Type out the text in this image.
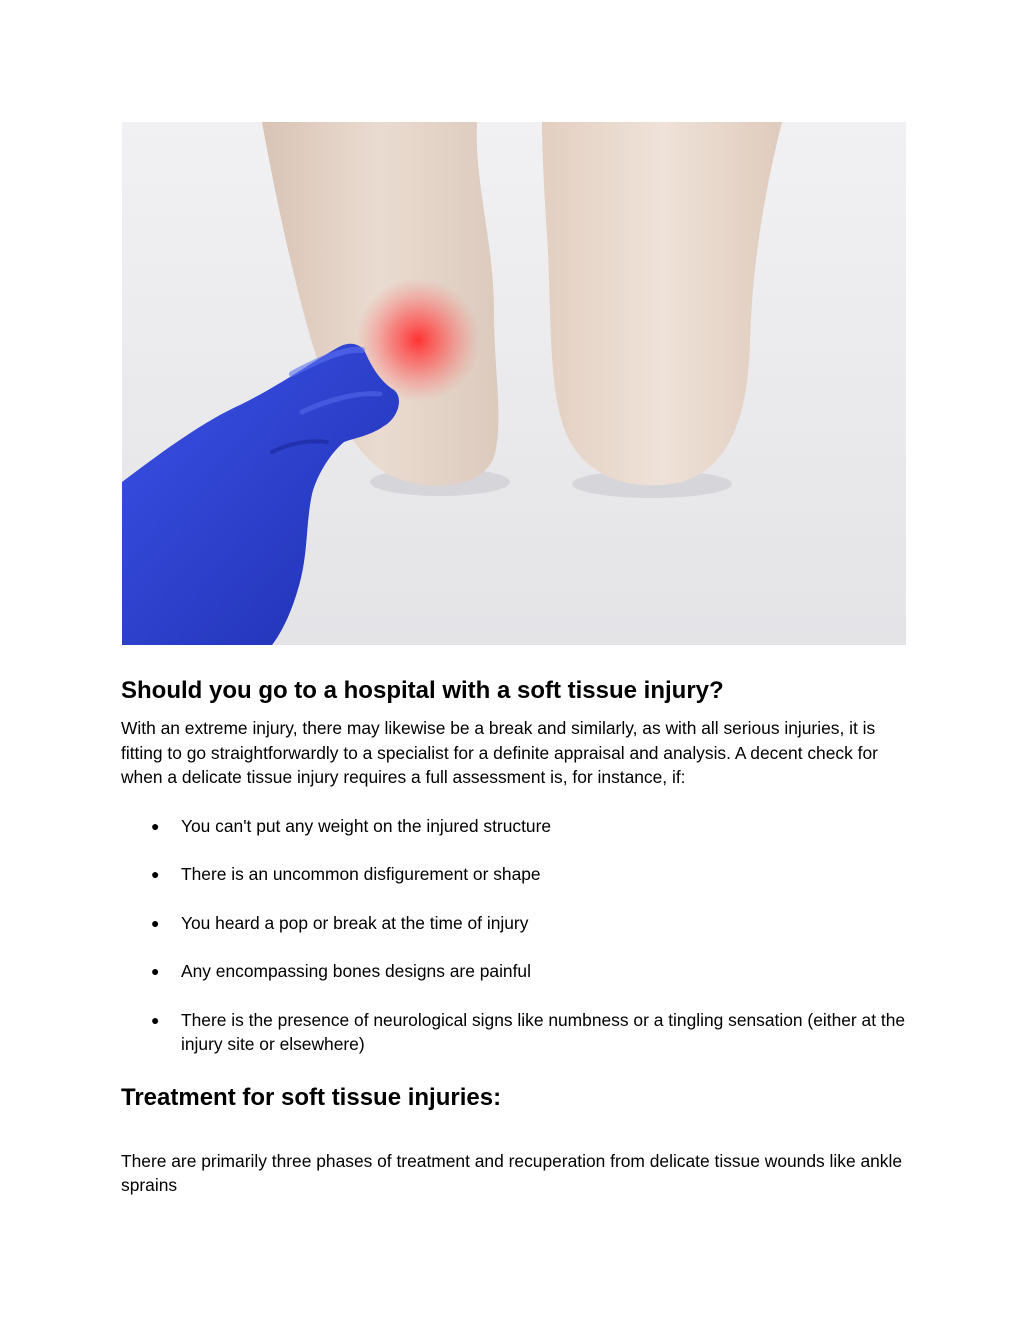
Should you go to a hospital with a soft tissue injury?

With an extreme injury, there may likewise be a break and similarly, as with all serious injuries, it is fitting to go straightforwardly to a specialist for a definite appraisal and analysis. A decent check for when a delicate tissue injury requires a full assessment is, for instance, if:

● You can't put any weight on the injured structure
● There is an uncommon disfigurement or shape
● You heard a pop or break at the time of injury
● Any encompassing bones designs are painful
● There is the presence of neurological signs like numbness or a tingling sensation (either at the injury site or elsewhere)
Treatment for soft tissue injuries:

There are primarily three phases of treatment and recuperation from delicate tissue wounds like ankle sprains
